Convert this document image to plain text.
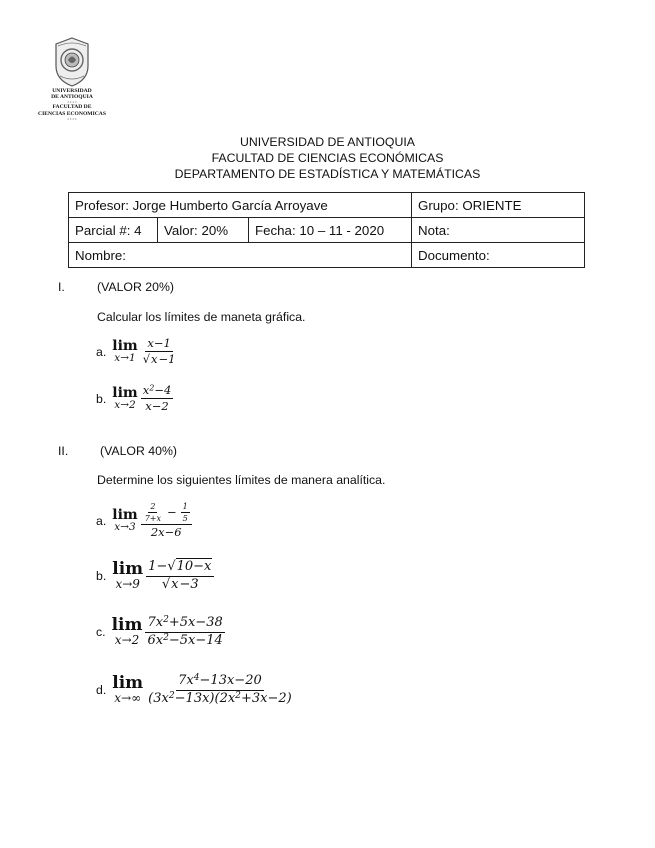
UNIVERSIDAD
DE ANTIOQUIA
• • • •
FACULTAD DE
CIENCIAS ECONOMICAS
• • • •
UNIVERSIDAD DE ANTIOQUIA
FACULTAD DE CIENCIAS ECONÓMICAS
DEPARTAMENTO DE ESTADÍSTICA Y MATEMÁTICAS
Profesor: Jorge Humberto García Arroyave			Grupo: ORIENTE
Parcial #: 4	Valor: 20%	Fecha: 10 – 11 - 2020	Nota:
Nombre:			Documento:
I.	(VALOR 20%)
Calcular los límites de maneta gráfica.
a. lim
$x\to 1 \frac{x-1}{√x-1}$
b. lim
$x\to 2 \frac{x^2-4}{x-2}$
II.	(VALOR 40%)
Determine los siguientes límites de manera analítica.
a. lim
$x\to 3 \frac{\frac{2}{7+x} - \frac{1}{5}}{2x-6}$
b. lim
$x\to 9 \frac{1-√10-x}{√x-3}$
c. lim
$x\to 2 \frac{7x^2+5x-38}{6x^2-5x-14}$
d. lim
$x\to\infty \frac{7x^4-13x-20}{(3x^2-13x)(2x^2+3x-2)}$
